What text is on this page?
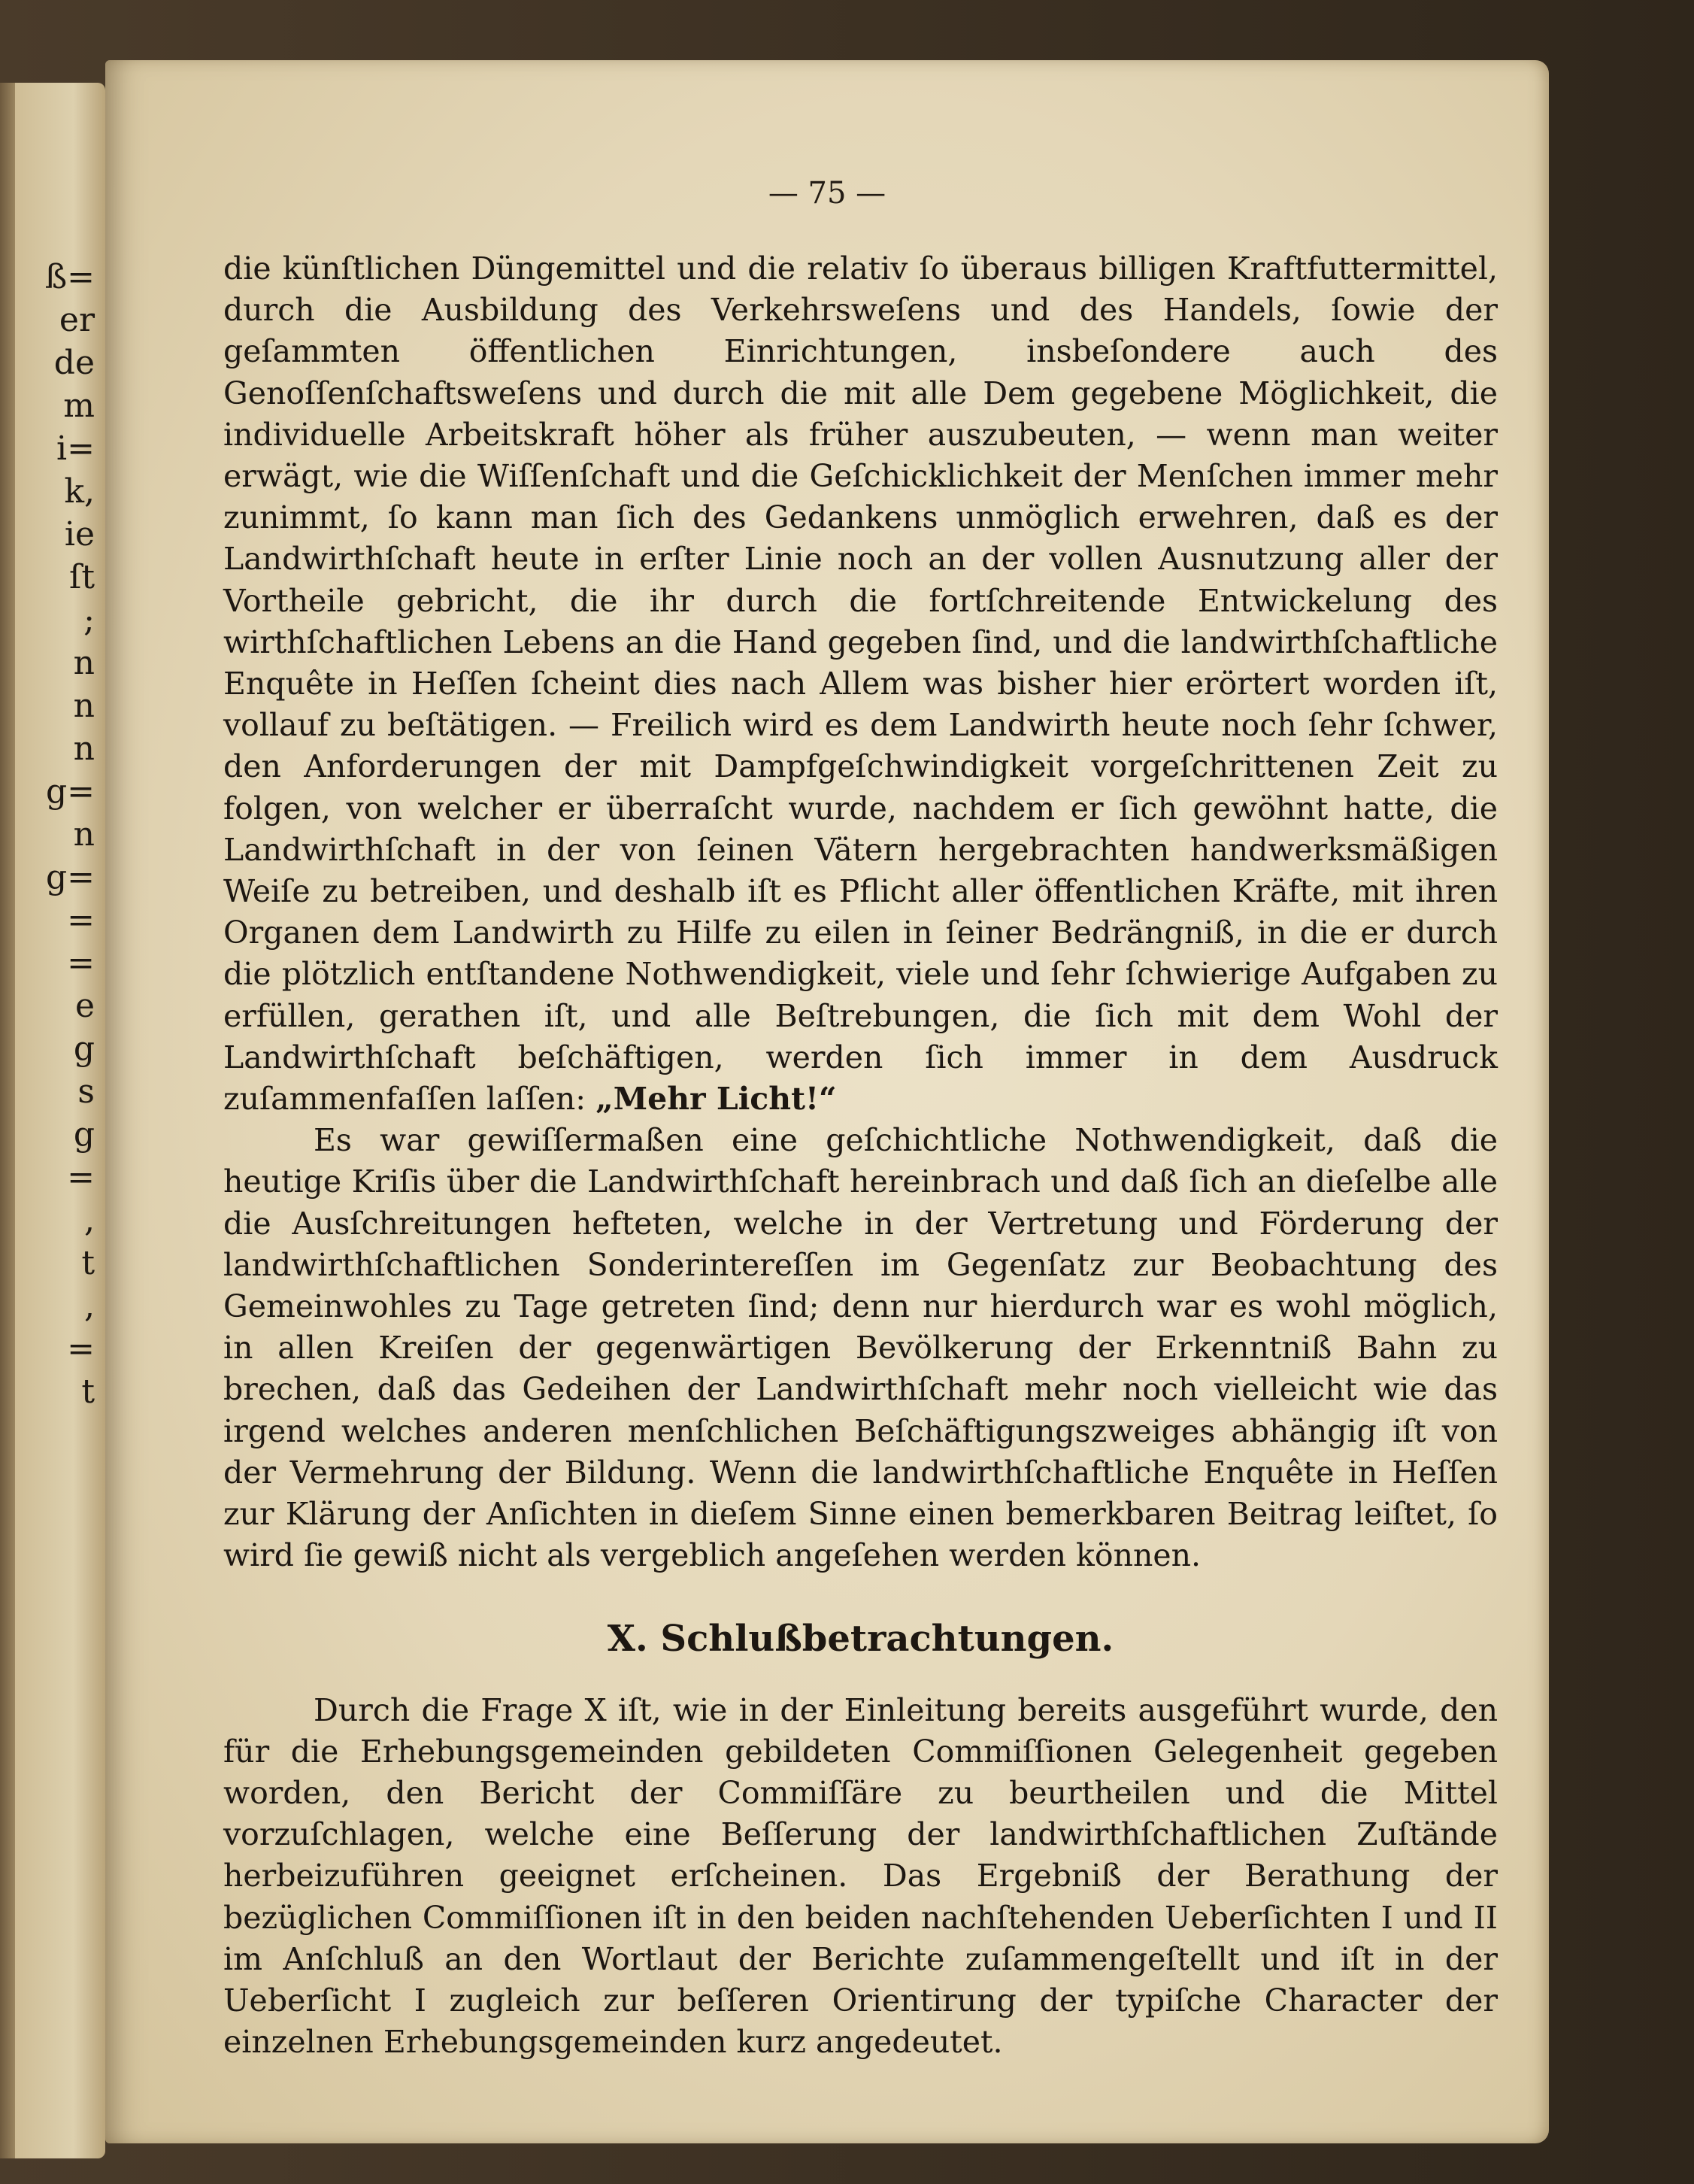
ß=
er
de
m
i=
k,
ie
ſt
;
n
n
n
g=
n
g=
=
=
e
g
s
g
=
,
t
,
=
t
— 75 —

die künſtlichen Düngemittel und die relativ ſo überaus billigen Kraftfuttermittel, durch die Ausbildung des Verkehrsweſens und des Handels, ſowie der geſammten öffentlichen Einrichtungen, insbeſondere auch des Genoſſenſchaftsweſens und durch die mit alle Dem gegebene Möglichkeit, die individuelle Arbeitskraft höher als früher auszubeuten, — wenn man weiter erwägt, wie die Wiſſenſchaft und die Geſchicklichkeit der Menſchen immer mehr zunimmt, ſo kann man ſich des Gedankens unmöglich erwehren, daß es der Landwirthſchaft heute in erſter Linie noch an der vollen Ausnutzung aller der Vortheile gebricht, die ihr durch die fortſchreitende Entwickelung des wirthſchaftlichen Lebens an die Hand gegeben ſind, und die landwirthſchaftliche Enquête in Heſſen ſcheint dies nach Allem was bisher hier erörtert worden iſt, vollauf zu beſtätigen. — Freilich wird es dem Landwirth heute noch ſehr ſchwer, den Anforderungen der mit Dampfgeſchwindigkeit vorgeſchrittenen Zeit zu folgen, von welcher er überraſcht wurde, nachdem er ſich gewöhnt hatte, die Landwirthſchaft in der von ſeinen Vätern hergebrachten handwerksmäßigen Weiſe zu betreiben, und deshalb iſt es Pflicht aller öffentlichen Kräfte, mit ihren Organen dem Landwirth zu Hilfe zu eilen in ſeiner Bedrängniß, in die er durch die plötzlich entſtandene Nothwendigkeit, viele und ſehr ſchwierige Aufgaben zu erfüllen, gerathen iſt, und alle Beſtrebungen, die ſich mit dem Wohl der Landwirthſchaft beſchäftigen, werden ſich immer in dem Ausdruck zuſammenfaſſen laſſen: „Mehr Licht!“

Es war gewiſſermaßen eine geſchichtliche Nothwendigkeit, daß die heutige Kriſis über die Landwirthſchaft hereinbrach und daß ſich an dieſelbe alle die Ausſchreitungen hefteten, welche in der Vertretung und Förderung der landwirthſchaftlichen Sonderintereſſen im Gegenſatz zur Beobachtung des Gemeinwohles zu Tage getreten ſind; denn nur hierdurch war es wohl möglich, in allen Kreiſen der gegenwärtigen Bevölkerung der Erkenntniß Bahn zu brechen, daß das Gedeihen der Landwirthſchaft mehr noch vielleicht wie das irgend welches anderen menſchlichen Beſchäftigungszweiges abhängig iſt von der Vermehrung der Bildung. Wenn die landwirthſchaftliche Enquête in Heſſen zur Klärung der Anſichten in dieſem Sinne einen bemerkbaren Beitrag leiſtet, ſo wird ſie gewiß nicht als vergeblich angeſehen werden können.

X. Schlußbetrachtungen.

Durch die Frage X iſt, wie in der Einleitung bereits ausgeführt wurde, den für die Erhebungsgemeinden gebildeten Commiſſionen Gelegenheit gegeben worden, den Bericht der Commiſſäre zu beurtheilen und die Mittel vorzuſchlagen, welche eine Beſſerung der landwirthſchaftlichen Zuſtände herbeizuführen geeignet erſcheinen. Das Ergebniß der Berathung der bezüglichen Commiſſionen iſt in den beiden nachſtehenden Ueberſichten I und II im Anſchluß an den Wortlaut der Berichte zuſammengeſtellt und iſt in der Ueberſicht I zugleich zur beſſeren Orientirung der typiſche Character der einzelnen Erhebungsgemeinden kurz angedeutet.
